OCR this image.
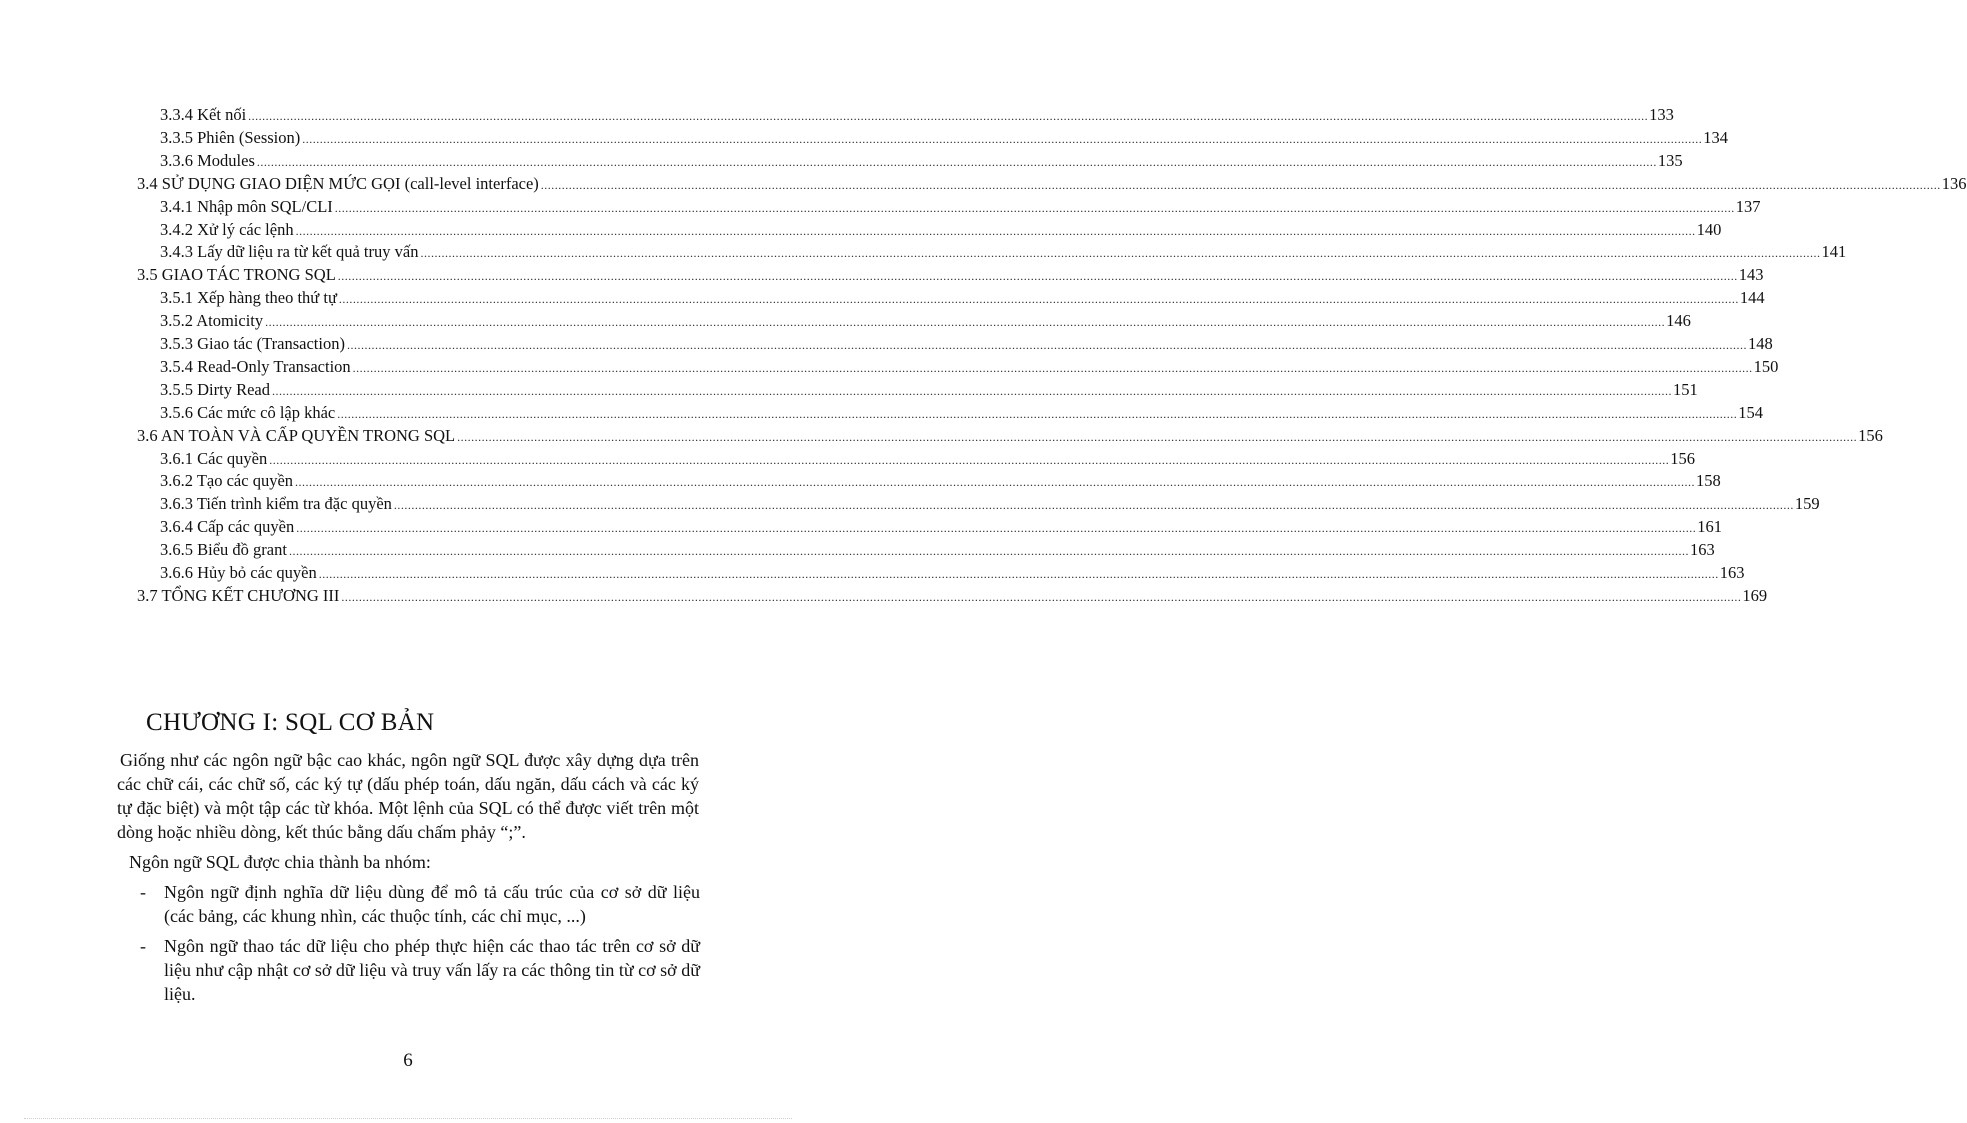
3.3.4 Kết nối ................................................................................................................................................................................................................................................................................................................................................................................................................ 133
3.3.5 Phiên (Session) ................................................................................................................................................................................................................................................................................................................................................................................................................ 134
3.3.6 Modules ................................................................................................................................................................................................................................................................................................................................................................................................................ 135
3.4 SỬ DỤNG GIAO DIỆN MỨC GỌI (call-level interface) ................................................................................................................................................................................................................................................................................................................................................................................................................ 136
3.4.1 Nhập môn SQL/CLI ................................................................................................................................................................................................................................................................................................................................................................................................................ 137
3.4.2 Xử lý các lệnh ................................................................................................................................................................................................................................................................................................................................................................................................................ 140
3.4.3 Lấy dữ liệu ra từ kết quả truy vấn ................................................................................................................................................................................................................................................................................................................................................................................................................ 141
3.5 GIAO TÁC TRONG SQL ................................................................................................................................................................................................................................................................................................................................................................................................................ 143
3.5.1 Xếp hàng theo thứ tự ................................................................................................................................................................................................................................................................................................................................................................................................................ 144
3.5.2 Atomicity ................................................................................................................................................................................................................................................................................................................................................................................................................ 146
3.5.3 Giao tác (Transaction) ................................................................................................................................................................................................................................................................................................................................................................................................................ 148
3.5.4 Read-Only Transaction ................................................................................................................................................................................................................................................................................................................................................................................................................ 150
3.5.5 Dirty Read ................................................................................................................................................................................................................................................................................................................................................................................................................ 151
3.5.6 Các mức cô lập khác ................................................................................................................................................................................................................................................................................................................................................................................................................ 154
3.6 AN TOÀN VÀ CẤP QUYỀN TRONG SQL ................................................................................................................................................................................................................................................................................................................................................................................................................ 156
3.6.1 Các quyền ................................................................................................................................................................................................................................................................................................................................................................................................................ 156
3.6.2 Tạo các quyền ................................................................................................................................................................................................................................................................................................................................................................................................................ 158
3.6.3 Tiến trình kiểm tra đặc quyền ................................................................................................................................................................................................................................................................................................................................................................................................................ 159
3.6.4 Cấp các quyền ................................................................................................................................................................................................................................................................................................................................................................................................................ 161
3.6.5 Biểu đồ grant ................................................................................................................................................................................................................................................................................................................................................................................................................ 163
3.6.6 Hủy bỏ các quyền ................................................................................................................................................................................................................................................................................................................................................................................................................ 163
3.7 TỔNG KẾT CHƯƠNG III ................................................................................................................................................................................................................................................................................................................................................................................................................ 169
CHƯƠNG I: SQL CƠ BẢN

Giống như các ngôn ngữ bậc cao khác, ngôn ngữ SQL được xây dựng dựa trên các chữ cái, các chữ số, các ký tự (dấu phép toán, dấu ngăn, dấu cách và các ký tự đặc biệt) và một tập các từ khóa. Một lệnh của SQL có thể được viết trên một dòng hoặc nhiều dòng, kết thúc bằng dấu chấm phảy “;”.

Ngôn ngữ SQL được chia thành ba nhóm:

- Ngôn ngữ định nghĩa dữ liệu dùng để mô tả cấu trúc của cơ sở dữ liệu (các bảng, các khung nhìn, các thuộc tính, các chỉ mục, ...)
- Ngôn ngữ thao tác dữ liệu cho phép thực hiện các thao tác trên cơ sở dữ liệu như cập nhật cơ sở dữ liệu và truy vấn lấy ra các thông tin từ cơ sở dữ liệu.
6
